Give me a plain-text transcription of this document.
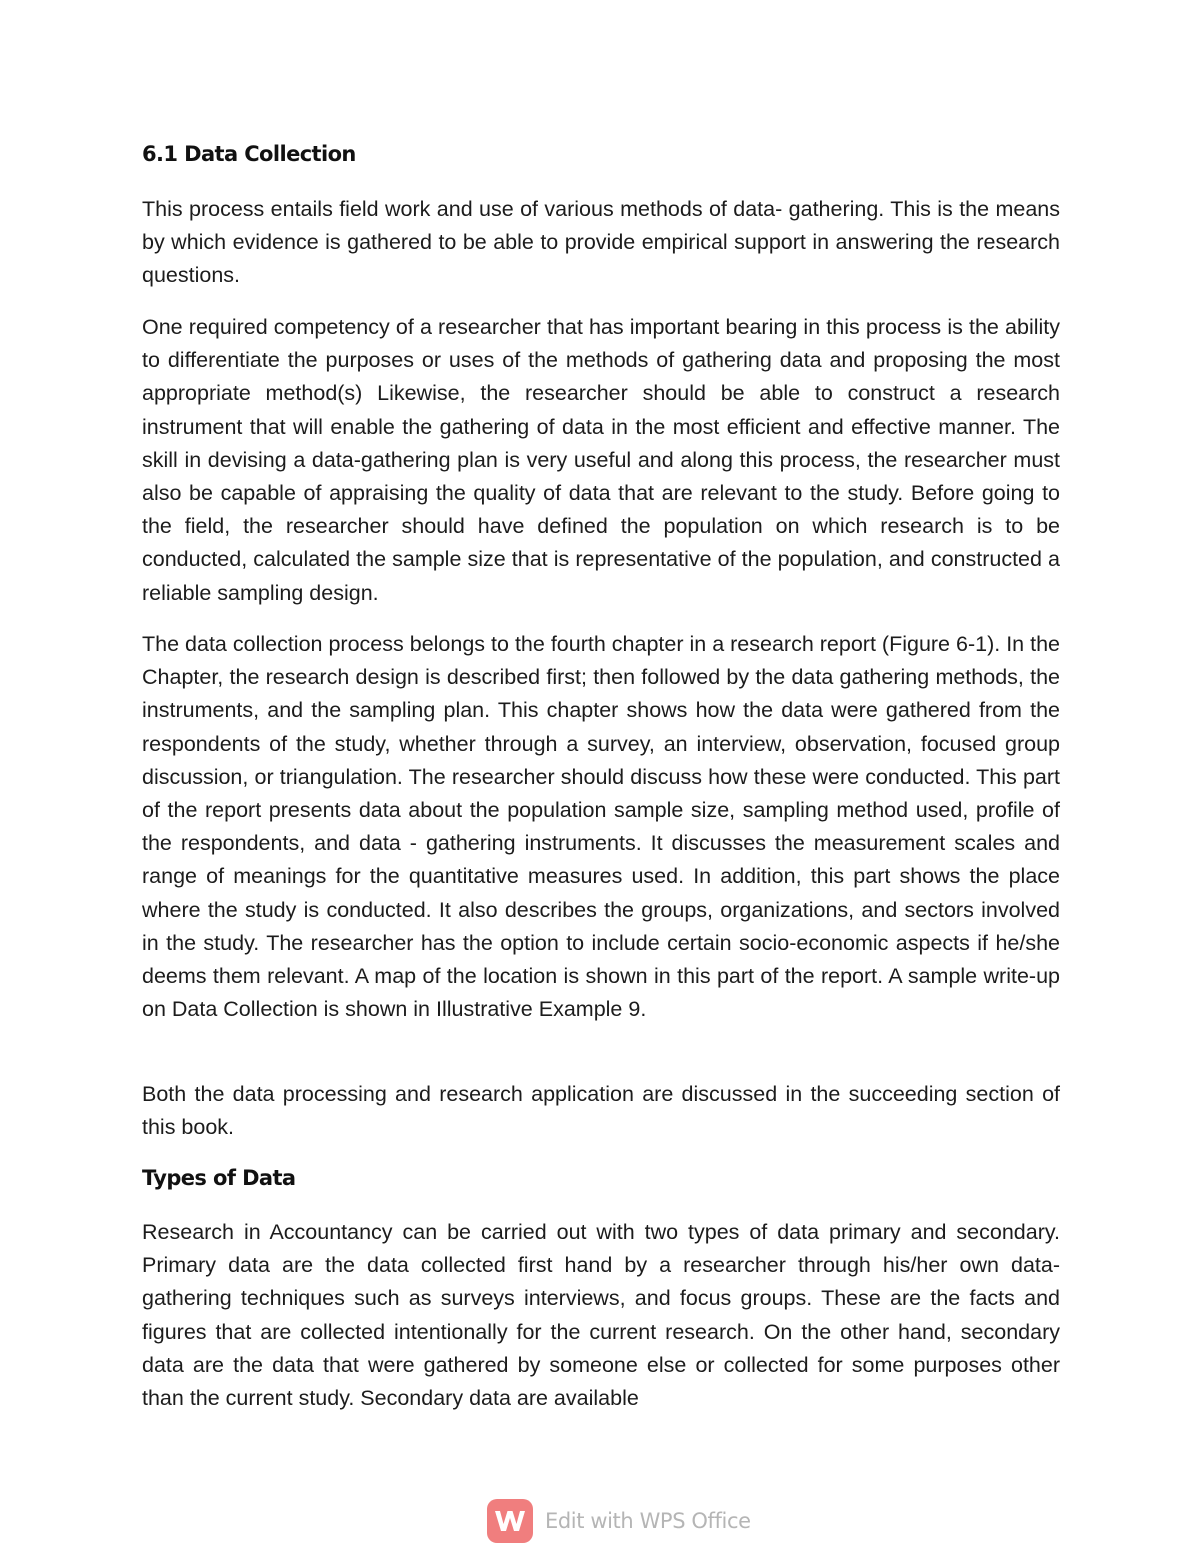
6.1 Data Collection

This process entails field work and use of various methods of data- gathering. This is the means by which evidence is gathered to be able to provide empirical support in answering the research questions.

One required competency of a researcher that has important bearing in this process is the ability to differentiate the purposes or uses of the methods of gathering data and proposing the most appropriate method(s) Likewise, the researcher should be able to construct a research instrument that will enable the gathering of data in the most efficient and effective manner. The skill in devising a data-gathering plan is very useful and along this process, the researcher must also be capable of appraising the quality of data that are relevant to the study. Before going to the field, the researcher should have defined the population on which research is to be conducted, calculated the sample size that is representative of the population, and constructed a reliable sampling design.

The data collection process belongs to the fourth chapter in a research report (Figure 6-1). In the Chapter, the research design is described first; then followed by the data gathering methods, the instruments, and the sampling plan. This chapter shows how the data were gathered from the respondents of the study, whether through a survey, an interview, observation, focused group discussion, or triangulation. The researcher should discuss how these were conducted. This part of the report presents data about the population sample size, sampling method used, profile of the respondents, and data - gathering instruments. It discusses the measurement scales and range of meanings for the quantitative measures used. In addition, this part shows the place where the study is conducted. It also describes the groups, organizations, and sectors involved in the study. The researcher has the option to include certain socio-economic aspects if he/she deems them relevant. A map of the location is shown in this part of the report. A sample write-up on Data Collection is shown in Illustrative Example 9.

Both the data processing and research application are discussed in the succeeding section of this book.

Types of Data

Research in Accountancy can be carried out with two types of data primary and secondary. Primary data are the data collected first hand by a researcher through his/her own data-gathering techniques such as surveys interviews, and focus groups. These are the facts and figures that are collected intentionally for the current research. On the other hand, secondary data are the data that were gathered by someone else or collected for some purposes other than the current study. Secondary data are available

Edit with WPS Office
